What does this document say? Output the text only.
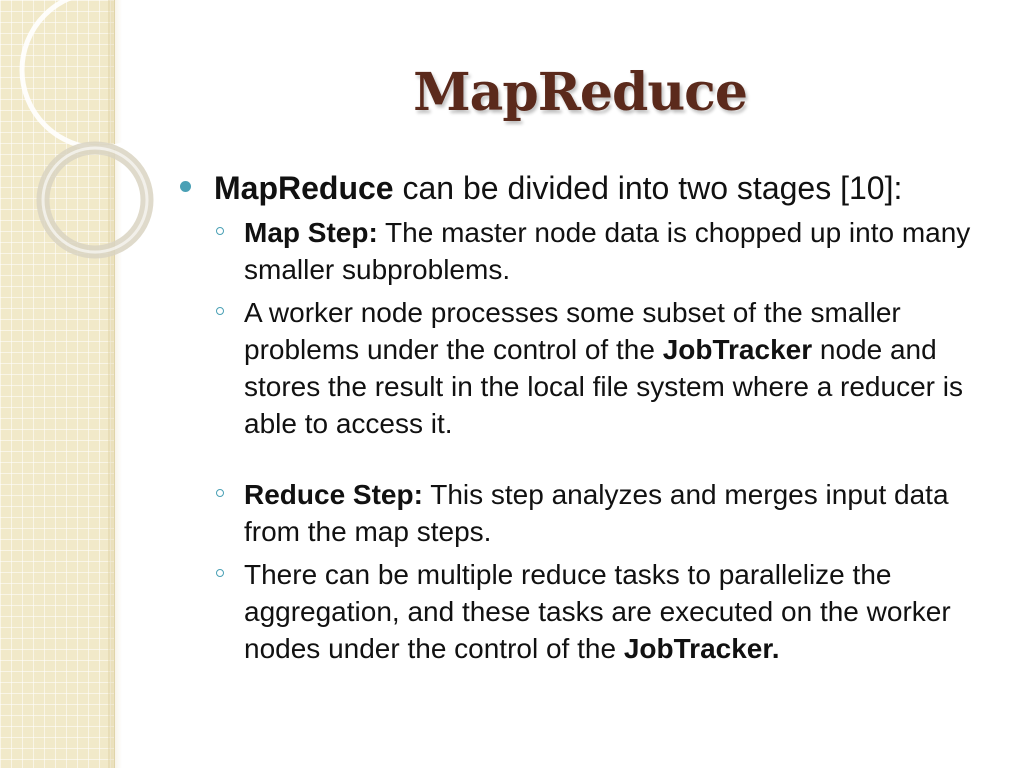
MapReduce
MapReduce can be divided into two stages [10]:
Map Step: The master node data is chopped up into many smaller subproblems.
A worker node processes some subset of the smaller problems under the control of the JobTracker node and stores the result in the local file system where a reducer is able to access it.
Reduce Step: This step analyzes and merges input data from the map steps.
There can be multiple reduce tasks to parallelize the aggregation, and these tasks are executed on the worker nodes under the control of the JobTracker.
